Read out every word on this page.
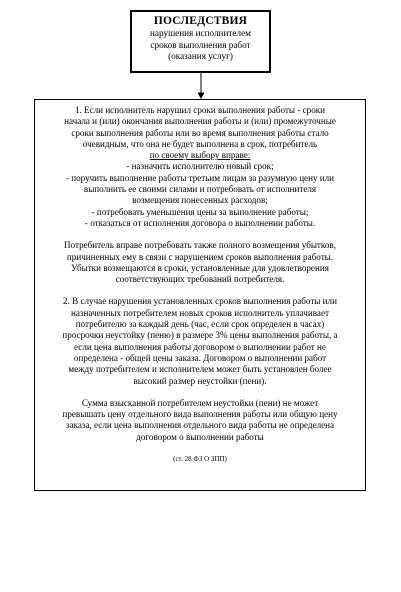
ПОСЛЕДСТВИЯ
нарушения исполнителем
сроков выполнения работ
(оказания услуг)

1. Если исполнитель нарушил сроки выполнения работы - сроки

начала и (или) окончания выполнения работы и (или) промежуточные

сроки выполнения работы или во время выполнения работы стало

очевидным, что она не будет выполнена в срок, потребитель

по своему выбору вправе:

- назначить исполнителю новый срок;

- поручить выполнение работы третьим лицам за разумную цену или

выполнить ее своими силами и потребовать от исполнителя

возмещения понесенных расходов;

- потребовать уменьшения цены за выполнение работы;

- отказаться от исполнения договора о выполнении работы.

Потребитель вправе потребовать также полного возмещения убытков,

причиненных ему в связи с нарушением сроков выполнения работы.

Убытки возмещаются в сроки, установленные для удовлетворения

соответствующих требований потребителя.

2. В случае нарушения установленных сроков выполнения работы или

назначенных потребителем новых сроков исполнитель уплачивает

потребителю за каждый день (час, если срок определен в часах)

просрочки неустойку (пеню) в размере 3% цены выполнения работы, а

если цена выполнения работы договором о выполнении работ не

определена - общей цены заказа. Договором о выполнении работ

между потребителем и исполнителем может быть установлен более

высокий размер неустойки (пени).

Сумма взысканной потребителем неустойки (пени) не может

превышать цену отдельного вида выполнения работы или общую цену

заказа, если цена выполнения отдельного вида работы не определена

договором о выполнении работы

(ст. 28 ФЗ О ЗПП)
